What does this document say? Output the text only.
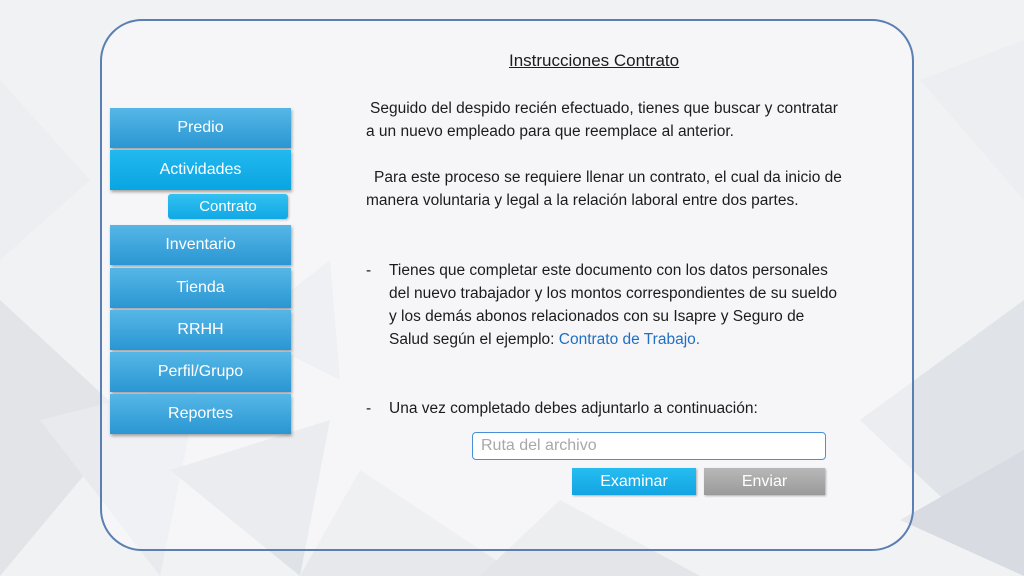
Predio
Actividades
Contrato
Inventario
Tienda
RRHH
Perfil/Grupo
Reportes
Instrucciones Contrato
Seguido del despido recién efectuado, tienes que buscar y contratar a un nuevo empleado para que reemplace al anterior.
Para este proceso se requiere llenar un contrato, el cual da inicio de manera voluntaria y legal a la relación laboral entre dos partes.
- Tienes que completar este documento con los datos personales del nuevo trabajador y los montos correspondientes de su sueldo y los demás abonos relacionados con su Isapre y Seguro de Salud según el ejemplo: Contrato de Trabajo.
- Una vez completado debes adjuntarlo a continuación:
Ruta del archivo
Examinar	Enviar
